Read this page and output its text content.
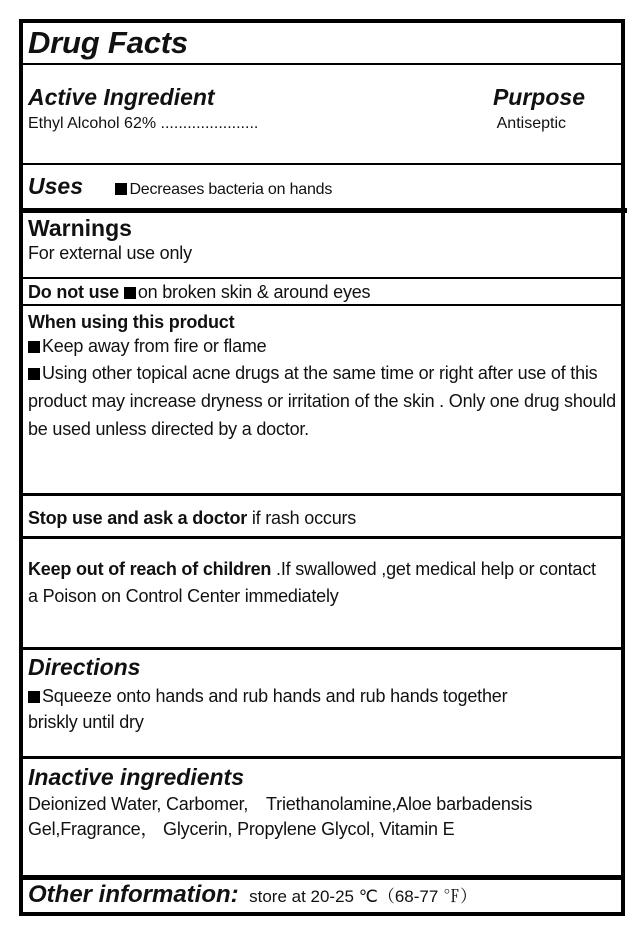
Drug Facts
Active Ingredient	Purpose
Ethyl Alcohol 62% ......................	Antiseptic
Uses	Decreases bacteria on hands
Warnings
For external use only
Do not use on broken skin & around eyes
When using this product
Keep away from fire or flame
Using other topical acne drugs at the same time or right after use of this product may increase dryness or irritation of the skin . Only one drug should be used unless directed by a doctor.
Stop use and ask a doctor if rash occurs
Keep out of reach of children .If swallowed ,get medical help or contact a Poison on Control Center immediately
Directions
Squeeze onto hands and rub hands and rub hands together briskly until dry
Inactive ingredients
Deionized Water, Carbomer,　Triethanolamine,Aloe barbadensis Gel,Fragrance， Glycerin, Propylene Glycol, Vitamin E
Other information: store at 20-25 ℃（68-77 ℉）
